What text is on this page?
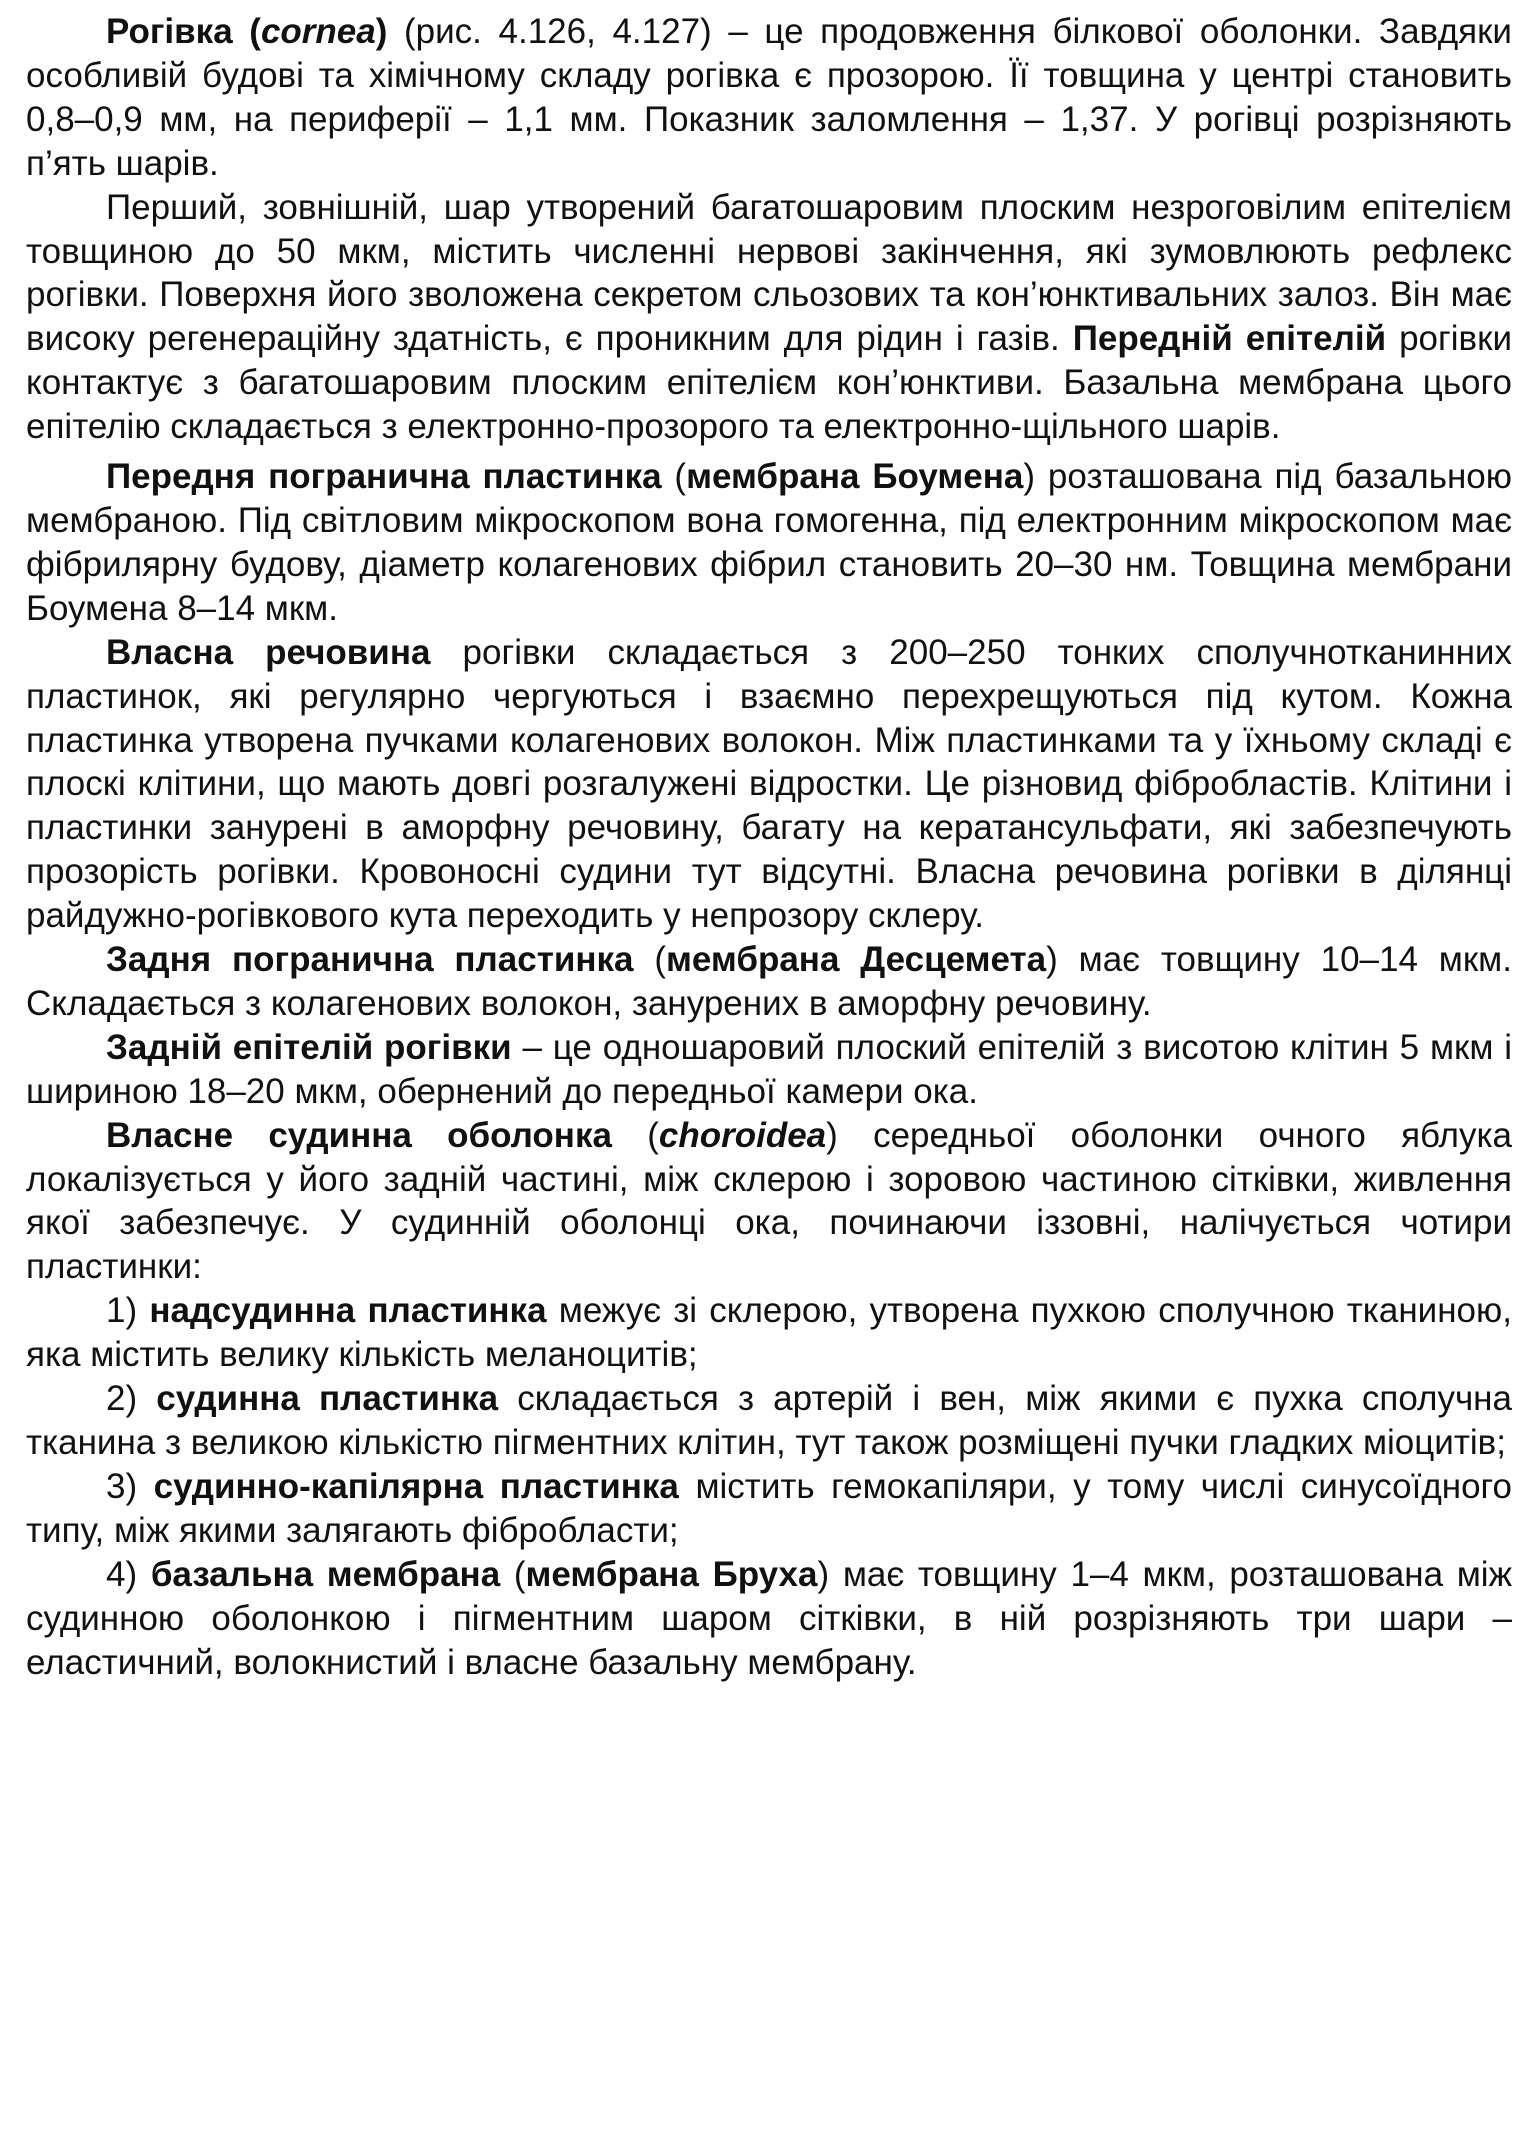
Рогівка (cornea) (рис. 4.126, 4.127) – це продовження білкової оболонки. Завдяки особливій будові та хімічному складу рогівка є прозорою. Її товщина у центрі становить 0,8–0,9 мм, на периферії – 1,1 мм. Показник заломлення – 1,37. У рогівці розрізняють п’ять шарів.

Перший, зовнішній, шар утворений багатошаровим плоским незроговілим епітелієм товщиною до 50 мкм, містить численні нервові закінчення, які зумовлюють рефлекс рогівки. Поверхня його зволожена секретом сльозових та кон’юнктивальних залоз. Він має високу регенераційну здатність, є проникним для рідин і газів. Передній епітелій рогівки контактує з багатошаровим плоским епітелієм кон’юнктиви. Базальна мембрана цього епітелію складається з електронно-прозорого та електронно-щільного шарів.

Передня погранична пластинка (мембрана Боумена) розташована під базальною мембраною. Під світловим мікроскопом вона гомогенна, під електронним мікроскопом має фібрилярну будову, діаметр колагенових фібрил становить 20–30 нм. Товщина мембрани Боумена 8–14 мкм.

Власна речовина рогівки складається з 200–250 тонких сполучнотканинних пластинок, які регулярно чергуються і взаємно перехрещуються під кутом. Кожна пластинка утворена пучками колагенових волокон. Між пластинками та у їхньому складі є плоскі клітини, що мають довгі розгалужені відростки. Це різновид фібробластів. Клітини і пластинки занурені в аморфну речовину, багату на кератансульфати, які забезпечують прозорість рогівки. Кровоносні судини тут відсутні. Власна речовина рогівки в ділянці райдужно-рогівкового кута переходить у непрозору склеру.

Задня погранична пластинка (мембрана Десцемета) має товщину 10–14 мкм. Складається з колагенових волокон, занурених в аморфну речовину.

Задній епітелій рогівки – це одношаровий плоский епітелій з висотою клітин 5 мкм і шириною 18–20 мкм, обернений до передньої камери ока.

Власне судинна оболонка (choroidea) середньої оболонки очного яблука локалізується у його задній частині, між склерою і зоровою частиною сітківки, живлення якої забезпечує. У судинній оболонці ока, починаючи іззовні, налічується чотири пластинки:

1) надсудинна пластинка межує зі склерою, утворена пухкою сполучною тканиною, яка містить велику кількість меланоцитів;

2) судинна пластинка складається з артерій і вен, між якими є пухка сполучна тканина з великою кількістю пігментних клітин, тут також розміщені пучки гладких міоцитів;

3) судинно-капілярна пластинка містить гемокапіляри, у тому числі синусоїдного типу, між якими залягають фібробласти;

4) базальна мембрана (мембрана Бруха) має товщину 1–4 мкм, розташована між судинною оболонкою і пігментним шаром сітківки, в ній розрізняють три шари – еластичний, волокнистий і власне базальну мембрану.
